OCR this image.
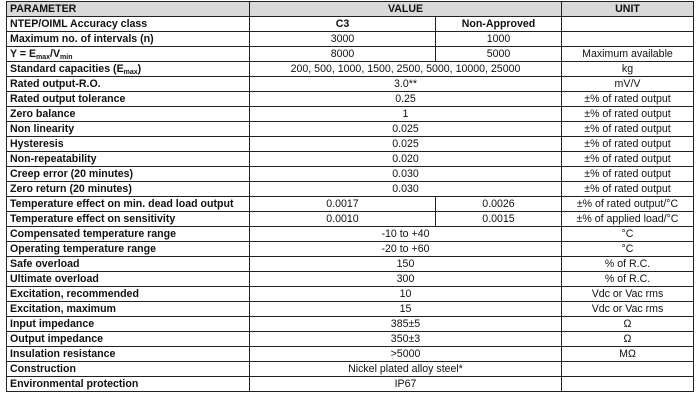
PARAMETER	VALUE		UNIT
NTEP/OIML Accuracy class	C3	Non-Approved	
Maximum no. of intervals (n)	3000	1000	
$Y = E_{max}/V_{min}$	8000	5000	Maximum available
Standard capacities $(E_{max})$	200, 500, 1000, 1500, 2500, 5000, 10000, 25000		kg
Rated output-R.O.	3.0**		mV/V
Rated output tolerance	0.25		±% of rated output
Zero balance	1		±% of rated output
Non linearity	0.025		±% of rated output
Hysteresis	0.025		±% of rated output
Non-repeatability	0.020		±% of rated output
Creep error (20 minutes)	0.030		±% of rated output
Zero return (20 minutes)	0.030		±% of rated output
Temperature effect on min. dead load output	0.0017	0.0026	±% of rated output/°C
Temperature effect on sensitivity	0.0010	0.0015	±% of applied load/°C
Compensated temperature range	-10 to +40		°C
Operating temperature range	-20 to +60		°C
Safe overload	150		% of R.C.
Ultimate overload	300		% of R.C.
Excitation, recommended	10		Vdc or Vac rms
Excitation, maximum	15		Vdc or Vac rms
Input impedance	385±5		Ω
Output impedance	350±3		Ω
Insulation resistance	>5000		MΩ
Construction	Nickel plated alloy steel*		
Environmental protection	IP67		
